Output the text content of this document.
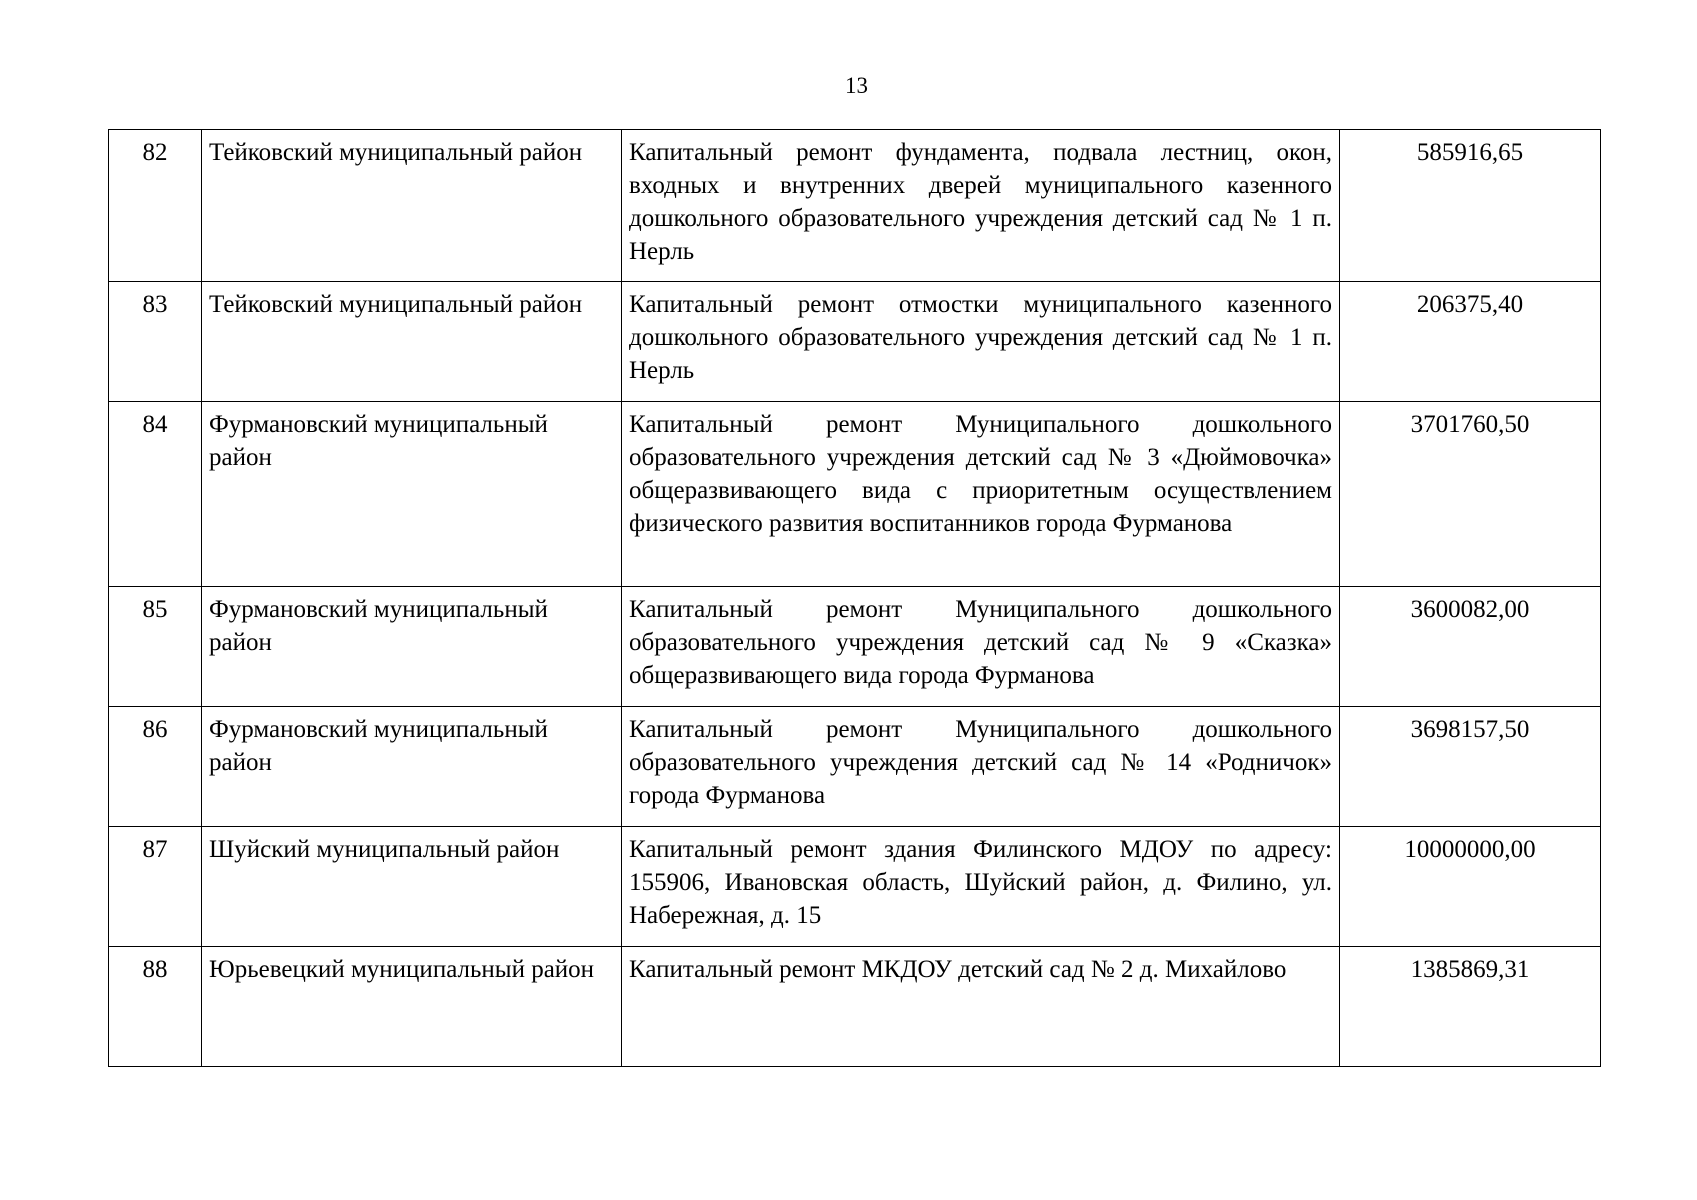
13
82	Тейковский муниципальный район	Капитальный ремонт фундамента, подвала лестниц, окон, входных и внутренних дверей муниципального казенного дошкольного образовательного учреждения детский сад № 1 п. Нерль	585916,65
83	Тейковский муниципальный район	Капитальный ремонт отмостки муниципального казенного дошкольного образовательного учреждения детский сад № 1 п. Нерль	206375,40
84	Фурмановский муниципальный район	Капитальный ремонт Муниципального дошкольного образовательного учреждения детский сад № 3 «Дюймовочка» общеразвивающего вида с приоритетным осуществлением физического развития воспитанников города Фурманова	3701760,50
85	Фурмановский муниципальный район	Капитальный ремонт Муниципального дошкольного образовательного учреждения детский сад № 9 «Сказка» общеразвивающего вида города Фурманова	3600082,00
86	Фурмановский муниципальный район	Капитальный ремонт Муниципального дошкольного образовательного учреждения детский сад № 14 «Родничок» города Фурманова	3698157,50
87	Шуйский муниципальный район	Капитальный ремонт здания Филинского МДОУ по адресу: 155906, Ивановская область, Шуйский район, д. Филино, ул. Набережная, д. 15	10000000,00
88	Юрьевецкий муниципальный район	Капитальный ремонт МКДОУ детский сад № 2 д. Михайлово	1385869,31
